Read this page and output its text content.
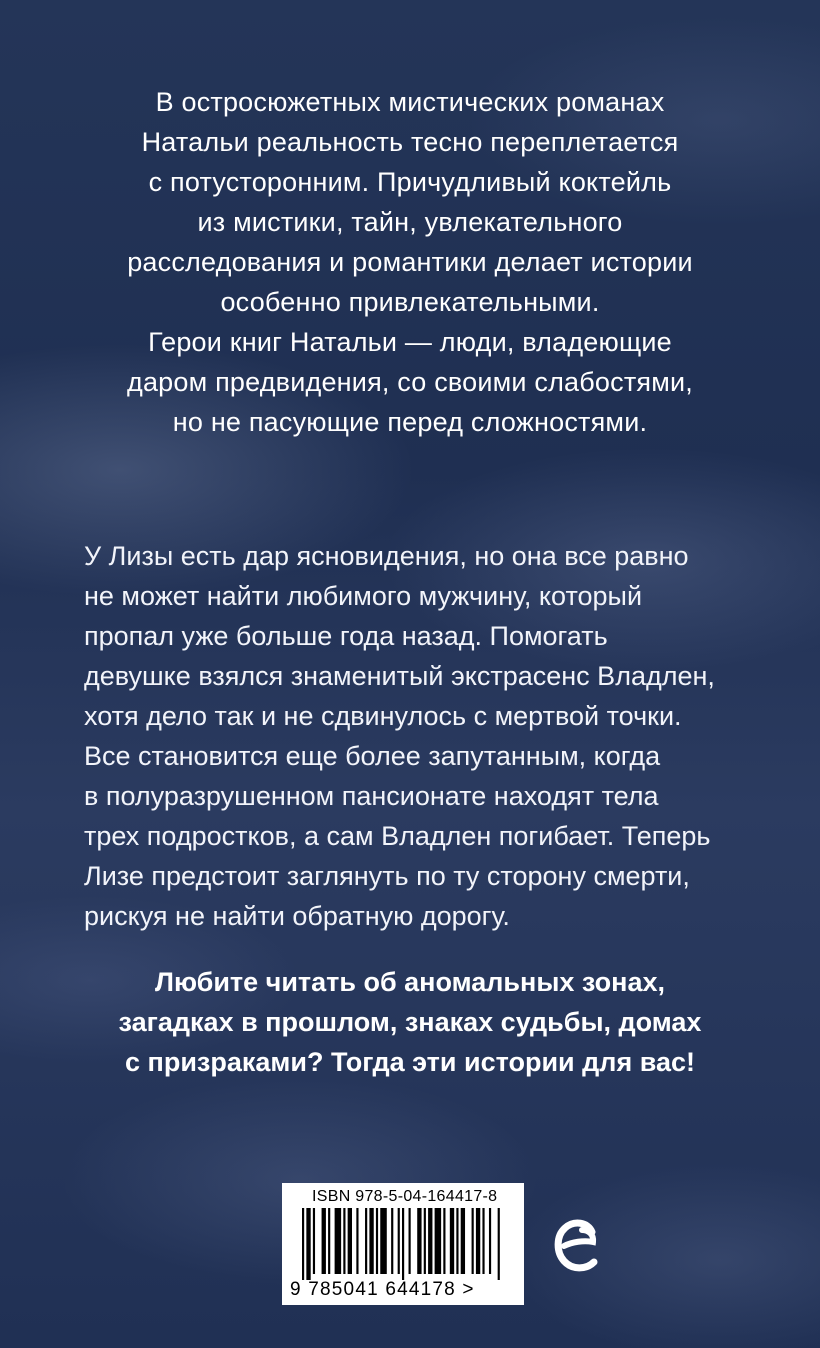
В остросюжетных мистических романах
Натальи реальность тесно переплетается
с потусторонним. Причудливый коктейль
из мистики, тайн, увлекательного
расследования и романтики делает истории
особенно привлекательными.
Герои книг Натальи — люди, владеющие
даром предвидения, со своими слабостями,
но не пасующие перед сложностями.
У Лизы есть дар ясновидения, но она все равно
не может найти любимого мужчину, который
пропал уже больше года назад. Помогать
девушке взялся знаменитый экстрасенс Владлен,
хотя дело так и не сдвинулось с мертвой точки.
Все становится еще более запутанным, когда
в полуразрушенном пансионате находят тела
трех подростков, а сам Владлен погибает. Теперь
Лизе предстоит заглянуть по ту сторону смерти,
рискуя не найти обратную дорогу.
Любите читать об аномальных зонах,
загадках в прошлом, знаках судьбы, домах
с призраками? Тогда эти истории для вас!
ISBN 978-5-04-164417-8
9 785041 644178 >
